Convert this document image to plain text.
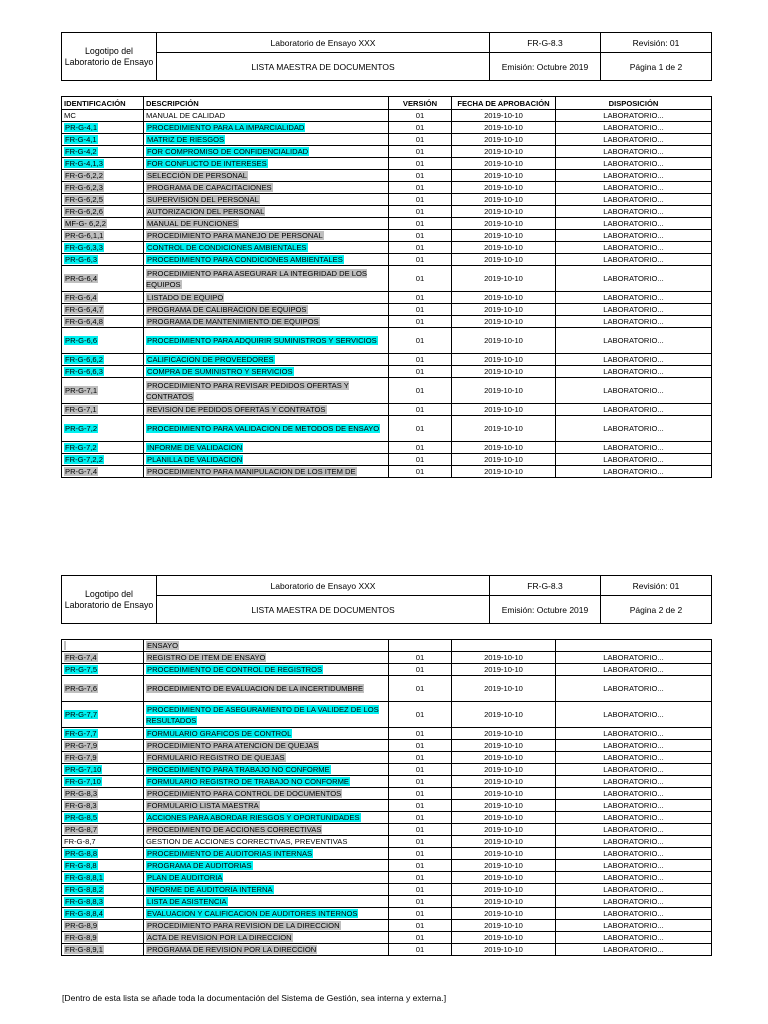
Logotipo del Laboratorio de Ensayo	Laboratorio de Ensayo XXX	FR-G-8.3	Revisión: 01
	LISTA MAESTRA DE DOCUMENTOS	Emisión: Octubre 2019	Página 1 de 2
IDENTIFICACIÓN	DESCRIPCIÓN	VERSIÓN	FECHA DE APROBACIÓN	DISPOSICIÓN
MC	MANUAL DE CALIDAD	01	2019-10-10	LABORATORIO...
PR-G-4,1	PROCEDIMIENTO PARA LA IMPARCIALIDAD	01	2019-10-10	LABORATORIO...
FR-G-4,1	MATRIZ DE RIESGOS	01	2019-10-10	LABORATORIO...
FR-G-4,2	FOR COMPROMISO DE CONFIDENCIALIDAD	01	2019-10-10	LABORATORIO...
FR-G-4,1,3	FOR CONFLICTO DE INTERESES	01	2019-10-10	LABORATORIO...
FR-G-6,2,2	SELECCIÓN DE PERSONAL	01	2019-10-10	LABORATORIO...
FR-G-6,2,3	PROGRAMA DE CAPACITACIONES	01	2019-10-10	LABORATORIO...
FR-G-6,2,5	SUPERVISION DEL PERSONAL	01	2019-10-10	LABORATORIO...
FR-G-6,2,6	AUTORIZACION DEL PERSONAL	01	2019-10-10	LABORATORIO...
MF-G- 6,2,2	MANUAL DE FUNCIONES	01	2019-10-10	LABORATORIO...
PR-G-6,1,1	PROCEDIMIENTO PARA MANEJO DE PERSONAL	01	2019-10-10	LABORATORIO...
FR-G-6,3,3	CONTROL DE CONDICIONES AMBIENTALES	01	2019-10-10	LABORATORIO...
PR-G-6,3	PROCEDIMIENTO PARA CONDICIONES AMBIENTALES	01	2019-10-10	LABORATORIO...
PR-G-6,4	PROCEDIMIENTO PARA ASEGURAR LA INTEGRIDAD DE LOS EQUIPOS	01	2019-10-10	LABORATORIO...
FR-G-6,4	LISTADO DE EQUIPO	01	2019-10-10	LABORATORIO...
FR-G-6,4,7	PROGRAMA DE CALIBRACION DE EQUIPOS	01	2019-10-10	LABORATORIO...
FR-G-6,4,8	PROGRAMA DE MANTENIMIENTO DE EQUIPOS	01	2019-10-10	LABORATORIO...
PR-G-6,6	PROCEDIMIENTO PARA ADQUIRIR SUMINISTROS Y SERVICIOS	01	2019-10-10	LABORATORIO...
FR-G-6,6,2	CALIFICACION DE PROVEEDORES	01	2019-10-10	LABORATORIO...
FR-G-6,6,3	COMPRA DE SUMINISTRO Y SERVICIOS	01	2019-10-10	LABORATORIO...
PR-G-7,1	PROCEDIMIENTO PARA REVISAR PEDIDOS OFERTAS Y CONTRATOS	01	2019-10-10	LABORATORIO...
FR-G-7,1	REVISION DE PEDIDOS OFERTAS Y CONTRATOS	01	2019-10-10	LABORATORIO...
PR-G-7,2	PROCEDIMIENTO PARA VALIDACION DE METODOS DE ENSAYO	01	2019-10-10	LABORATORIO...
FR-G-7,2	INFORME DE VALIDACION	01	2019-10-10	LABORATORIO...
FR-G-7,2,2	PLANILLA DE VALIDACION	01	2019-10-10	LABORATORIO...
PR-G-7,4	PROCEDIMIENTO PARA MANIPULACION DE LOS ITEM DE	01	2019-10-10	LABORATORIO...
Logotipo del Laboratorio de Ensayo	Laboratorio de Ensayo XXX	FR-G-8.3	Revisión: 01
	LISTA MAESTRA DE DOCUMENTOS	Emisión: Octubre 2019	Página 2 de 2
	ENSAYO			
FR-G-7,4	REGISTRO DE ITEM DE ENSAYO	01	2019-10-10	LABORATORIO...
PR-G-7,5	PROCEDIMIENTO DE CONTROL DE REGISTROS	01	2019-10-10	LABORATORIO...
PR-G-7,6	PROCEDIMIENTO DE EVALUACION DE LA INCERTIDUMBRE	01	2019-10-10	LABORATORIO...
PR-G-7,7	PROCEDIMIENTO DE ASEGURAMIENTO DE LA VALIDEZ DE LOS RESULTADOS	01	2019-10-10	LABORATORIO...
FR-G-7,7	FORMULARIO GRAFICOS DE CONTROL	01	2019-10-10	LABORATORIO...
PR-G-7,9	PROCEDIMIENTO PARA ATENCION DE QUEJAS	01	2019-10-10	LABORATORIO...
FR-G-7,9	FORMULARIO REGISTRO DE QUEJAS	01	2019-10-10	LABORATORIO...
PR-G-7,10	PROCEDIMIENTO PARA TRABAJO NO CONFORME	01	2019-10-10	LABORATORIO...
FR-G-7,10	FORMULARIO REGISTRO DE TRABAJO NO CONFORME	01	2019-10-10	LABORATORIO...
PR-G-8,3	PROCEDIMIENTO PARA CONTROL DE DOCUMENTOS	01	2019-10-10	LABORATORIO...
FR-G-8,3	FORMULARIO LISTA MAESTRA	01	2019-10-10	LABORATORIO...
PR-G-8,5	ACCIONES PARA ABORDAR RIESGOS Y OPORTUNIDADES	01	2019-10-10	LABORATORIO...
PR-G-8,7	PROCEDIMIENTO DE ACCIONES CORRECTIVAS	01	2019-10-10	LABORATORIO...
FR-G-8,7	GESTION DE ACCIONES CORRECTIVAS, PREVENTIVAS	01	2019-10-10	LABORATORIO...
PR-G-8,8	PROCEDIMIENTO DE AUDITORIAS INTERNAS	01	2019-10-10	LABORATORIO...
FR-G-8,8	PROGRAMA DE AUDITORIAS	01	2019-10-10	LABORATORIO...
FR-G-8,8,1	PLAN DE AUDITORIA	01	2019-10-10	LABORATORIO...
FR-G-8,8,2	INFORME DE AUDITORIA INTERNA	01	2019-10-10	LABORATORIO...
FR-G-8,8,3	LISTA DE ASISTENCIA	01	2019-10-10	LABORATORIO...
FR-G-8,8,4	EVALUACION Y CALIFICACION DE AUDITORES INTERNOS	01	2019-10-10	LABORATORIO...
PR-G-8,9	PROCEDIMIENTO PARA REVISION DE LA DIRECCION	01	2019-10-10	LABORATORIO...
FR-G-8,9	ACTA DE REVISION POR LA DIRECCION	01	2019-10-10	LABORATORIO...
FR-G-8,9,1	PROGRAMA DE REVISION POR LA DIRECCION	01	2019-10-10	LABORATORIO...
[Dentro de esta lista se añade toda la documentación del Sistema de Gestión, sea interna y externa.]
